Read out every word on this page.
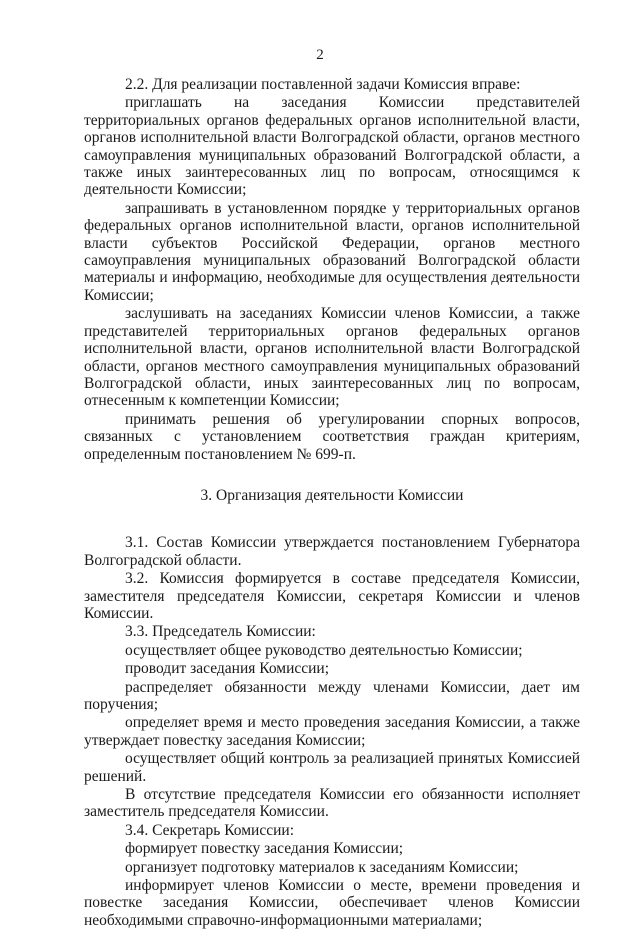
2

2.2. Для реализации поставленной задачи Комиссия вправе:

приглашать на заседания Комиссии представителей территориальных органов федеральных органов исполнительной власти, органов исполнительной власти Волгоградской области, органов местного самоуправления муниципальных образований Волгоградской области, а также иных заинтересованных лиц по вопросам, относящимся к деятельности Комиссии;

запрашивать в установленном порядке у территориальных органов федеральных органов исполнительной власти, органов исполнительной власти субъектов Российской Федерации, органов местного самоуправления муниципальных образований Волгоградской области материалы и информацию, необходимые для осуществления деятельности Комиссии;

заслушивать на заседаниях Комиссии членов Комиссии, а также представителей территориальных органов федеральных органов исполнительной власти, органов исполнительной власти Волгоградской области, органов местного самоуправления муниципальных образований Волгоградской области, иных заинтересованных лиц по вопросам, отнесенным к компетенции Комиссии;

принимать решения об урегулировании спорных вопросов, связанных с установлением соответствия граждан критериям, определенным постановлением № 699-п.

3. Организация деятельности Комиссии

3.1. Состав Комиссии утверждается постановлением Губернатора Волгоградской области.

3.2. Комиссия формируется в составе председателя Комиссии, заместителя председателя Комиссии, секретаря Комиссии и членов Комиссии.

3.3. Председатель Комиссии:

осуществляет общее руководство деятельностью Комиссии;

проводит заседания Комиссии;

распределяет обязанности между членами Комиссии, дает им поручения;

определяет время и место проведения заседания Комиссии, а также утверждает повестку заседания Комиссии;

осуществляет общий контроль за реализацией принятых Комиссией решений.

В отсутствие председателя Комиссии его обязанности исполняет заместитель председателя Комиссии.

3.4. Секретарь Комиссии:

формирует повестку заседания Комиссии;

организует подготовку материалов к заседаниям Комиссии;

информирует членов Комиссии о месте, времени проведения и повестке заседания Комиссии, обеспечивает членов Комиссии необходимыми справочно-информационными материалами;
